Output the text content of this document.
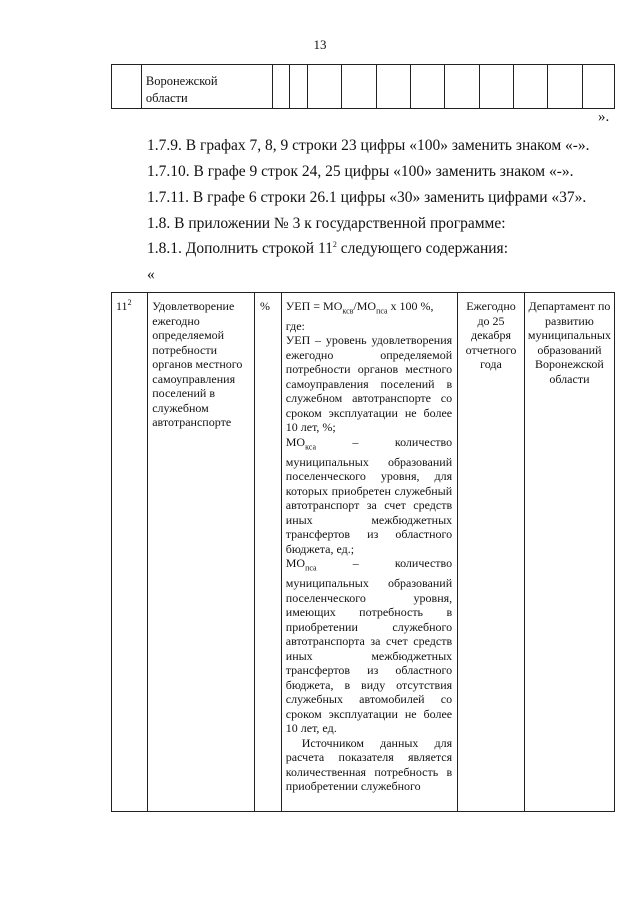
13
	Воронежской
области											
».
1.7.9. В графах 7, 8, 9 строки 23 цифры «100» заменить знаком «-».
1.7.10. В графе 9 строк 24, 25 цифры «100» заменить знаком «-».
1.7.11. В графе 6 строки 26.1 цифры «30» заменить цифрами «37».
1.8. В приложении № 3 к государственной программе:
1.8.1. Дополнить строкой $11^2$ следующего содержания:
«
$11^2$	Удовлетворение ежегодно определяемой потребности органов местного самоуправления поселений в служебном автотранспорте	%	УЕП = $МО_{ксв}/МО_{пса}$ х 100 %,
где:
УЕП – уровень удовлетворения ежегодно определяемой потребности органов местного самоуправления поселений в служебном автотранспорте со сроком эксплуатации не более 10 лет, %;
$МО_{кса}$ – количество муниципальных образований поселенческого уровня, для которых приобретен служебный автотранспорт за счет средств иных межбюджетных трансфертов из областного бюджета, ед.;
$МО_{пса}$ – количество муниципальных образований поселенческого уровня, имеющих потребность в приобретении служебного автотранспорта за счет средств иных межбюджетных трансфертов из областного бюджета, в виду отсутствия служебных автомобилей со сроком эксплуатации не более 10 лет, ед.
Источником данных для расчета показателя является количественная потребность в приобретении служебного
	Ежегодно до 25 декабря отчетного года	Департамент по развитию муниципальных образований Воронежской области
